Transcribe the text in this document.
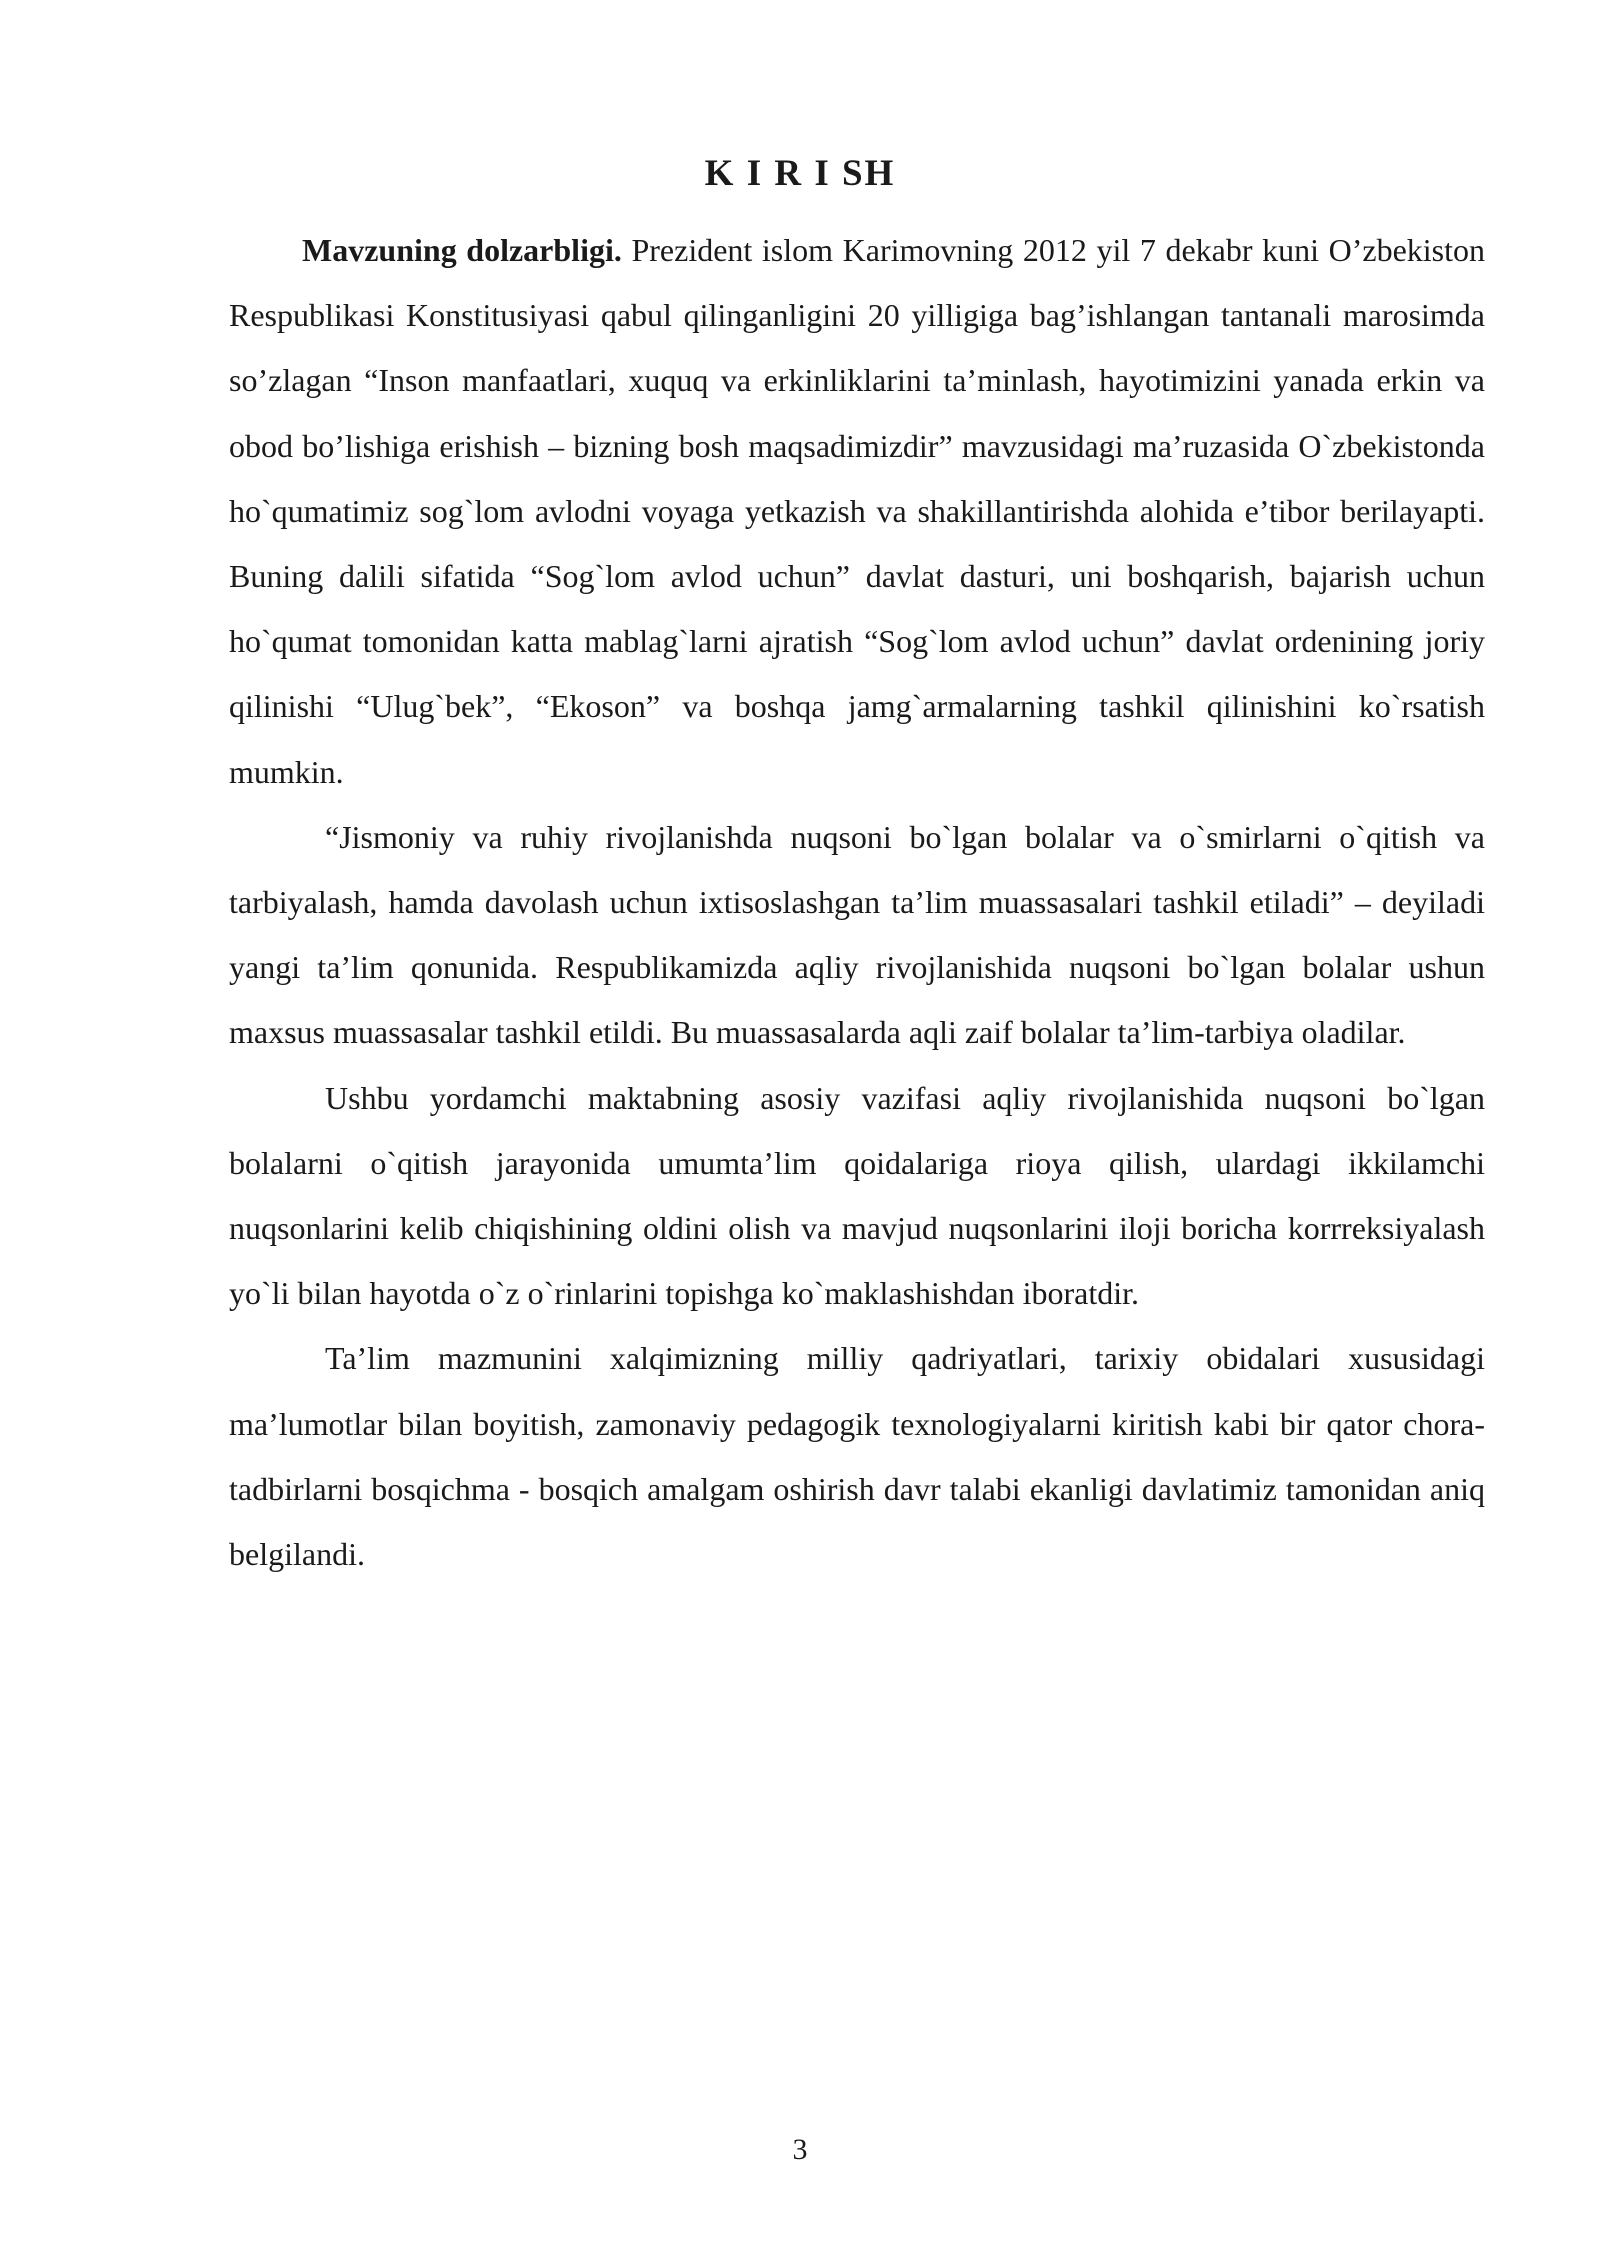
K I R I SH

Mavzuning dolzarbligi. Prezident islom Karimovning 2012 yil 7 dekabr kuni O’zbekiston Respublikasi Konstitusiyasi qabul qilinganligini 20 yilligiga bag’ishlangan tantanali marosimda so’zlagan “Inson manfaatlari, xuquq va erkinliklarini ta’minlash, hayotimizini yanada erkin va obod bo’lishiga erishish – bizning bosh maqsadimizdir” mavzusidagi ma’ruzasida O`zbekistonda ho`qumatimiz sog`lom avlodni voyaga yetkazish va shakillantirishda alohida e’tibor berilayapti. Buning dalili sifatida “Sog`lom avlod uchun” davlat dasturi, uni boshqarish, bajarish uchun ho`qumat tomonidan katta mablag`larni ajratish “Sog`lom avlod uchun” davlat ordenining joriy qilinishi “Ulug`bek”, “Ekoson” va boshqa jamg`armalarning tashkil qilinishini ko`rsatish mumkin.

“Jismoniy va ruhiy rivojlanishda nuqsoni bo`lgan bolalar va o`smirlarni o`qitish va tarbiyalash, hamda davolash uchun ixtisoslashgan ta’lim muassasalari tashkil etiladi” – deyiladi yangi ta’lim qonunida. Respublikamizda aqliy rivojlanishida nuqsoni bo`lgan bolalar ushun maxsus muassasalar tashkil etildi. Bu muassasalarda aqli zaif bolalar ta’lim-tarbiya oladilar.

Ushbu yordamchi maktabning asosiy vazifasi aqliy rivojlanishida nuqsoni bo`lgan bolalarni o`qitish jarayonida umumta’lim qoidalariga rioya qilish, ulardagi ikkilamchi nuqsonlarini kelib chiqishining oldini olish va mavjud nuqsonlarini iloji boricha korrreksiyalash yo`li bilan hayotda o`z o`rinlarini topishga ko`maklashishdan iboratdir.

Ta’lim mazmunini xalqimizning milliy qadriyatlari, tarixiy obidalari xususidagi ma’lumotlar bilan boyitish, zamonaviy pedagogik texnologiyalarni kiritish kabi bir qator chora-tadbirlarni bosqichma - bosqich amalgam oshirish davr talabi ekanligi davlatimiz tamonidan aniq belgilandi.

3
